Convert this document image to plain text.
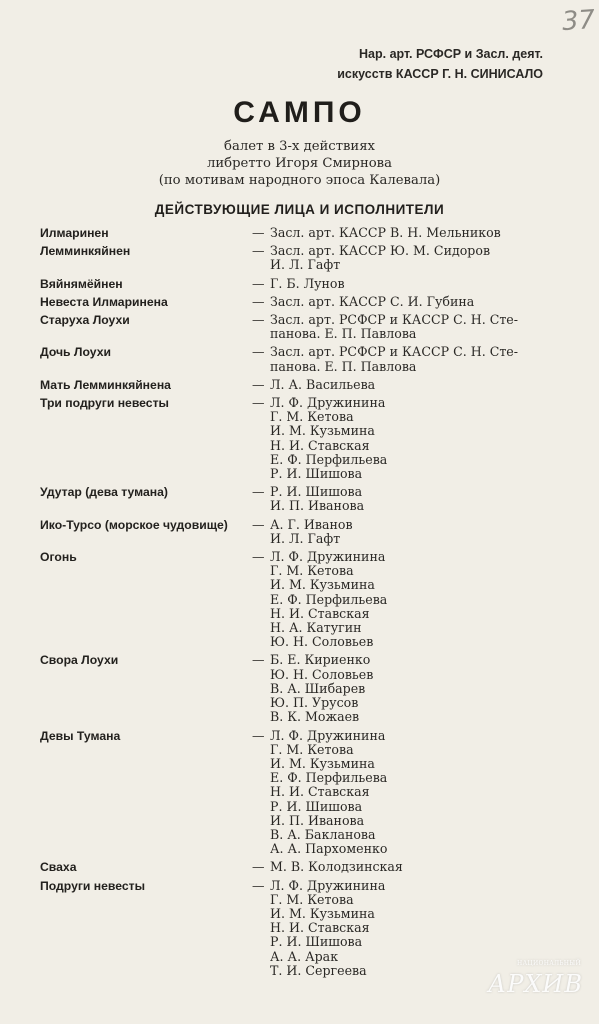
37
Нар. арт. РСФСР и Засл. деят.
искусств КАССР Г. Н. СИНИСАЛО
САМПО
балет в 3-х действиях
либретто Игоря Смирнова
(по мотивам народного эпоса Калевала)
ДЕЙСТВУЮЩИЕ ЛИЦА И ИСПОЛНИТЕЛИ
Илмаринен	— Засл. арт. КАССР В. Н. Мельников
Лемминкяйнен	— Засл. арт. КАССР Ю. М. Сидоров
И. Л. Гафт
Вяйнямёйнен	— Г. Б. Лунов
Невеста Илмаринена	— Засл. арт. КАССР С. И. Губина
Старуха Лоухи	— Засл. арт. РСФСР и КАССР С. Н. Сте-
панова. Е. П. Павлова
Дочь Лоухи	— Засл. арт. РСФСР и КАССР С. Н. Сте-
панова. Е. П. Павлова
Мать Лемминкяйнена	— Л. А. Васильева
Три подруги невесты	— Л. Ф. Дружинина
Г. М. Кетова
И. М. Кузьмина
Н. И. Ставская
Е. Ф. Перфильева
Р. И. Шишова
Удутар (дева тумана)	— Р. И. Шишова
И. П. Иванова
Ико-Турсо (морское чудовище)	— А. Г. Иванов
И. Л. Гафт
Огонь	— Л. Ф. Дружинина
Г. М. Кетова
И. М. Кузьмина
Е. Ф. Перфильева
Н. И. Ставская
Н. А. Катугин
Ю. Н. Соловьев
Свора Лоухи	— Б. Е. Кириенко
Ю. Н. Соловьев
В. А. Шибарев
Ю. П. Урусов
В. К. Можаев
Девы Тумана	— Л. Ф. Дружинина
Г. М. Кетова
И. М. Кузьмина
Е. Ф. Перфильева
Н. И. Ставская
Р. И. Шишова
И. П. Иванова
В. А. Бакланова
А. А. Пархоменко
Сваха	— М. В. Колодзинская
Подруги невесты	— Л. Ф. Дружинина
Г. М. Кетова
И. М. Кузьмина
Н. И. Ставская
Р. И. Шишова
А. А. Арак
Т. И. Сергеева	НАЦИОНАЛЬНЫЙ
АРХИВ
